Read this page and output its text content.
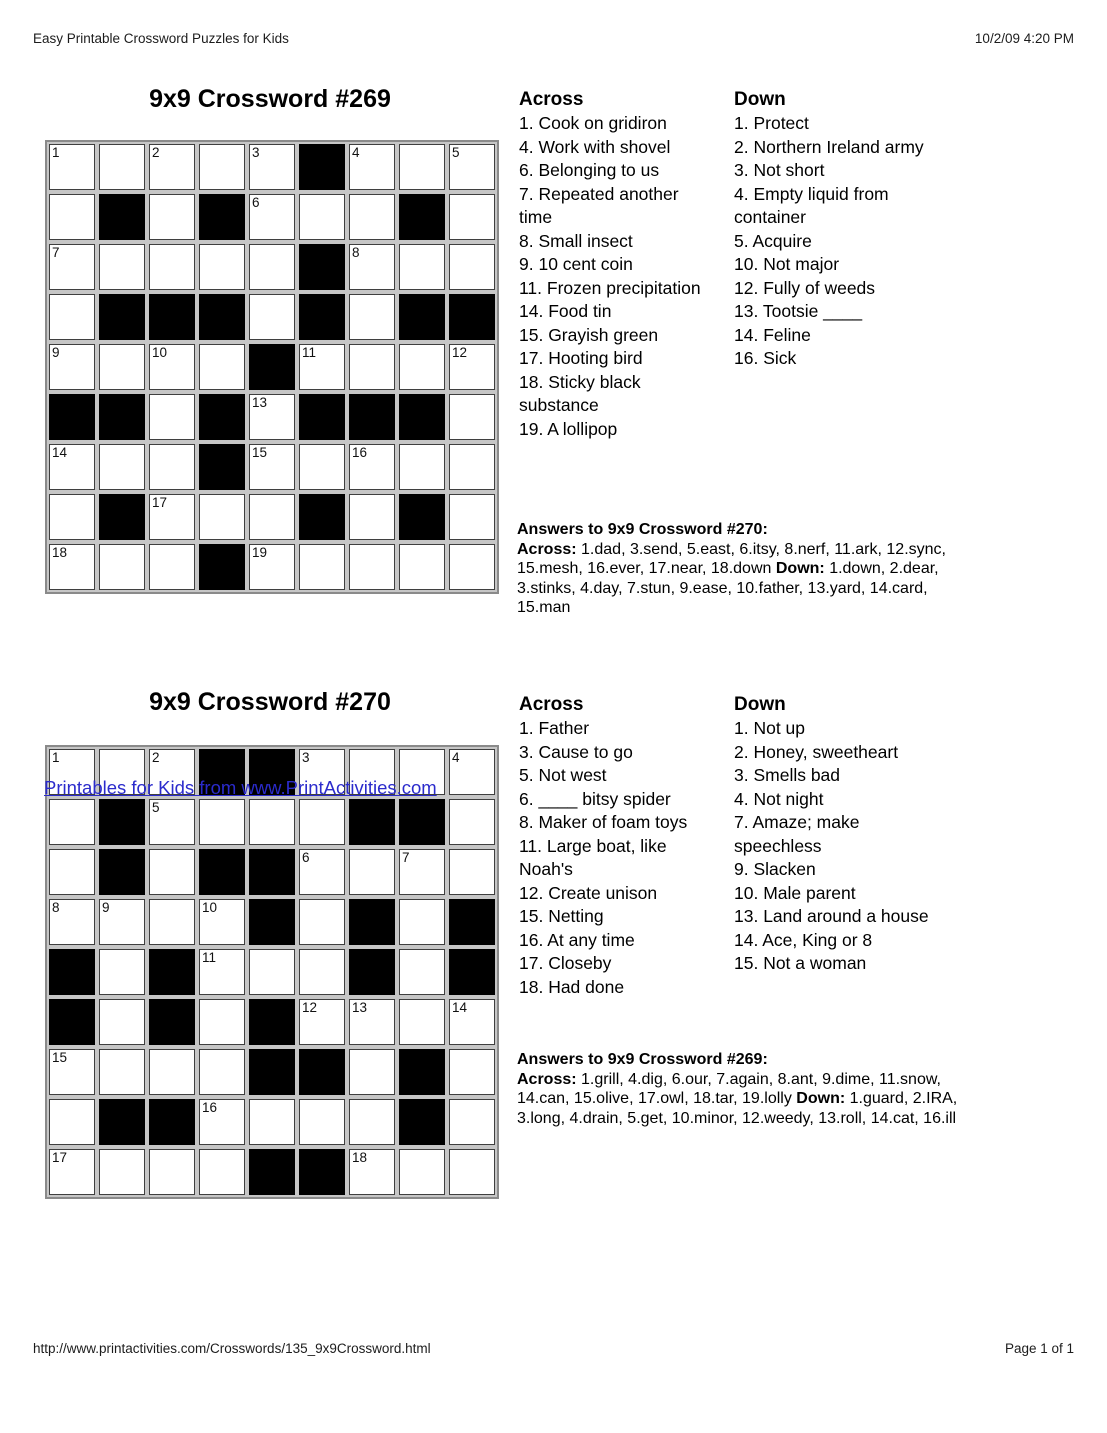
Easy Printable Crossword Puzzles for Kids	10/2/09 4:20 PM
9x9 Crossword #269
1	2	3	4	5
6
7	8
9	10	11	12
13
14	15	16
17
18	19
Across
1. Cook on gridiron
4. Work with shovel
6. Belonging to us
7. Repeated another time
8. Small insect
9. 10 cent coin
11. Frozen precipitation
14. Food tin
15. Grayish green
17. Hooting bird
18. Sticky black substance
19. A lollipop
Down
1. Protect
2. Northern Ireland army
3. Not short
4. Empty liquid from container
5. Acquire
10. Not major
12. Fully of weeds
13. Tootsie ____
14. Feline
16. Sick
Answers to 9x9 Crossword #270:
Across: 1.dad, 3.send, 5.east, 6.itsy, 8.nerf, 11.ark, 12.sync, 15.mesh, 16.ever, 17.near, 18.down Down: 1.down, 2.dear, 3.stinks, 4.day, 7.stun, 9.ease, 10.father, 13.yard, 14.card, 15.man
9x9 Crossword #270
Printables for Kids from www.PrintActivities.com
1	2	3	4
5
6	7
8	9	10
11
12	13	14
15
16
17	18
Across
1. Father
3. Cause to go
5. Not west
6. ____ bitsy spider
8. Maker of foam toys
11. Large boat, like Noah's
12. Create unison
15. Netting
16. At any time
17. Closeby
18. Had done
Down
1. Not up
2. Honey, sweetheart
3. Smells bad
4. Not night
7. Amaze; make speechless
9. Slacken
10. Male parent
13. Land around a house
14. Ace, King or 8
15. Not a woman
Answers to 9x9 Crossword #269:
Across: 1.grill, 4.dig, 6.our, 7.again, 8.ant, 9.dime, 11.snow, 14.can, 15.olive, 17.owl, 18.tar, 19.lolly Down: 1.guard, 2.IRA, 3.long, 4.drain, 5.get, 10.minor, 12.weedy, 13.roll, 14.cat, 16.ill
http://www.printactivities.com/Crosswords/135_9x9Crossword.html	Page 1 of 1
